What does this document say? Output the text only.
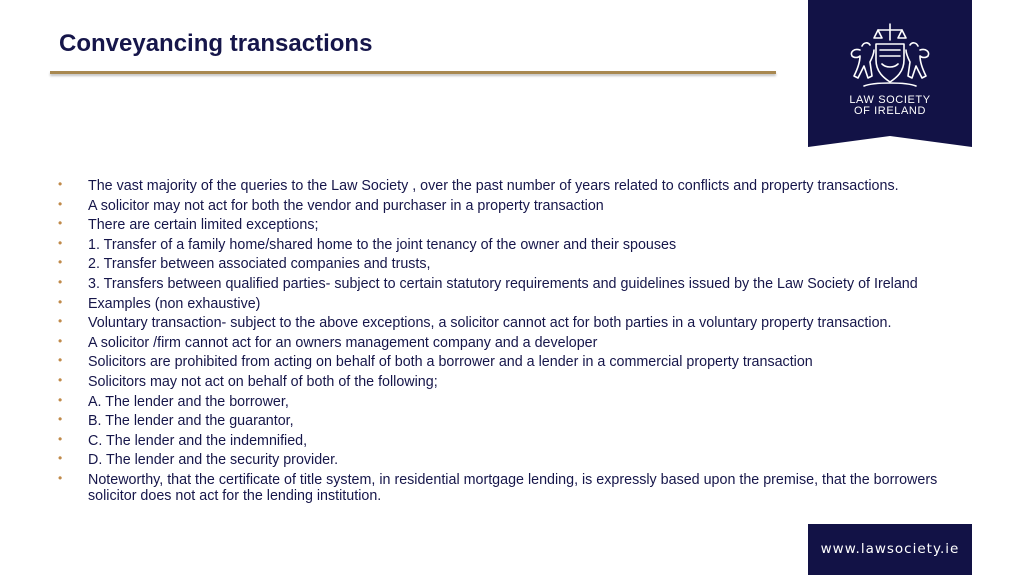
Conveyancing transactions
LAW SOCIETY
OF IRELAND
• The vast majority of the queries to the Law Society , over the past number of years related to conflicts and property transactions.
• A solicitor may not act for both the vendor and purchaser in a property transaction
• There are certain limited exceptions;
• 1. Transfer of a family home/shared home to the joint tenancy of the owner and their spouses
• 2. Transfer between associated companies and trusts,
• 3. Transfers between qualified parties- subject to certain statutory requirements and guidelines issued by the Law Society of Ireland
• Examples (non exhaustive)
• Voluntary transaction- subject to the above exceptions, a solicitor cannot act for both parties in a voluntary property transaction.
• A solicitor /firm cannot act for an owners management company and a developer
• Solicitors are prohibited from acting on behalf of both a borrower and a lender in a commercial property transaction
• Solicitors may not act on behalf of both of the following;
• A. The lender and the borrower,
• B. The lender and the guarantor,
• C. The lender and the indemnified,
• D. The lender and the security provider.
• Noteworthy, that the certificate of title system, in residential mortgage lending, is expressly based upon the premise, that the borrowers solicitor does not act for the lending institution.
www.lawsociety.ie
